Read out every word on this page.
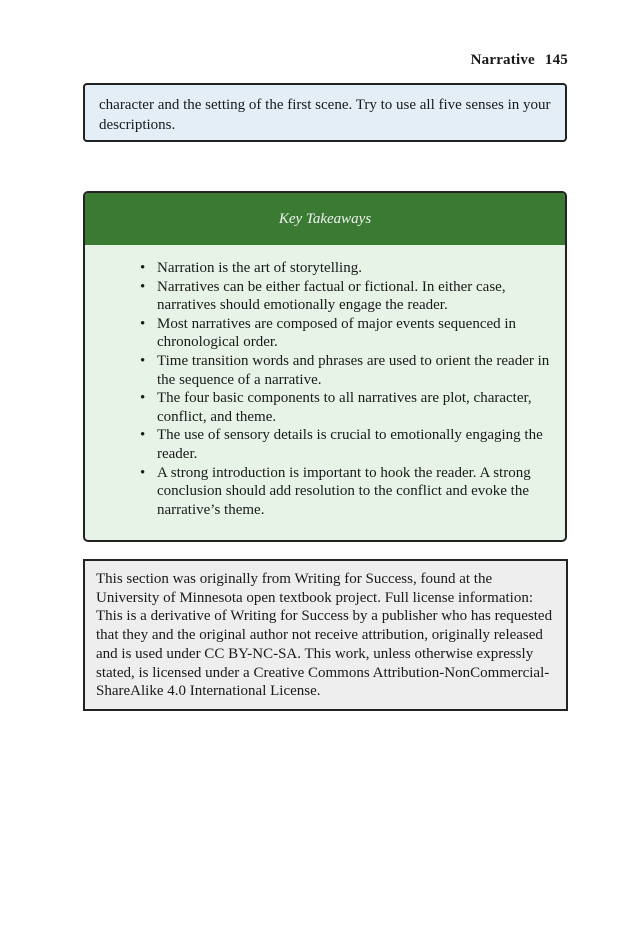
Narrative 145
character and the setting of the first scene. Try to use all five senses in your descriptions.
Key Takeaways
• Narration is the art of storytelling.
• Narratives can be either factual or fictional. In either case, narratives should emotionally engage the reader.
• Most narratives are composed of major events sequenced in chronological order.
• Time transition words and phrases are used to orient the reader in the sequence of a narrative.
• The four basic components to all narratives are plot, character, conflict, and theme.
• The use of sensory details is crucial to emotionally engaging the reader.
• A strong introduction is important to hook the reader. A strong conclusion should add resolution to the conflict and evoke the narrative’s theme.
This section was originally from Writing for Success, found at the University of Minnesota open textbook project. Full license information: This is a derivative of Writing for Success by a publisher who has requested that they and the original author not receive attribution, originally released and is used under CC BY-NC-SA. This work, unless otherwise expressly stated, is licensed under a Creative Commons Attribution-NonCommercial-ShareAlike 4.0 International License.
